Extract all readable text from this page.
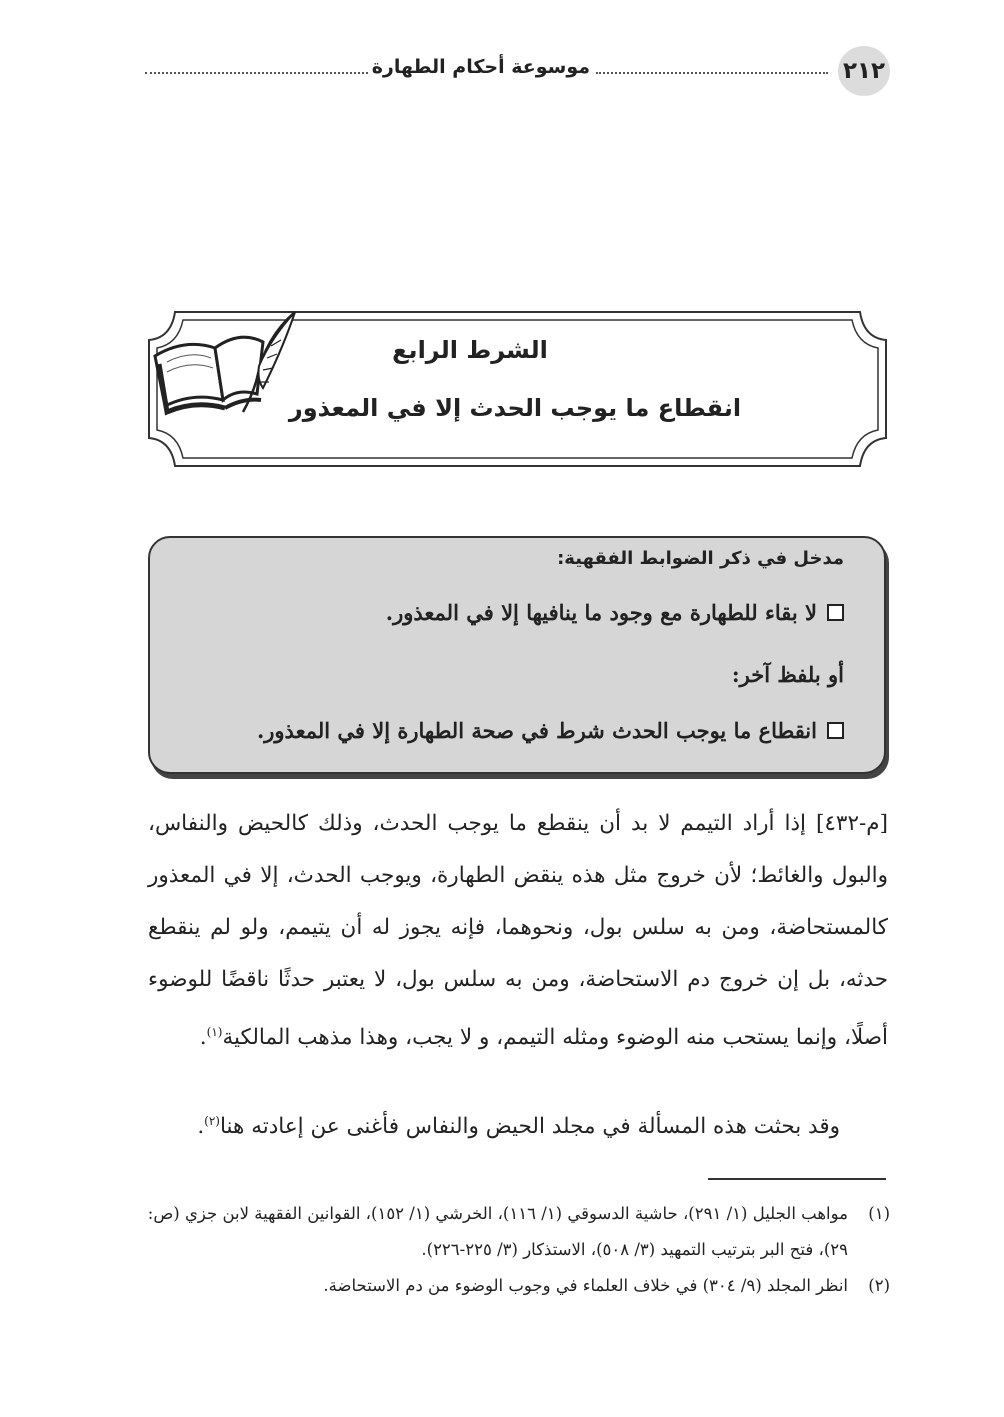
٢١٢
موسوعة أحكام الطهارة
الشرط الرابع
انقطاع ما يوجب الحدث إلا في المعذور
مدخل في ذكر الضوابط الفقهية:
لا بقاء للطهارة مع وجود ما ينافيها إلا في المعذور.
أو بلفظ آخر:
انقطاع ما يوجب الحدث شرط في صحة الطهارة إلا في المعذور.

[م-٤٣٢] إذا أراد التيمم لا بد أن ينقطع ما يوجب الحدث، وذلك كالحيض والنفاس، والبول والغائط؛ لأن خروج مثل هذه ينقض الطهارة، ويوجب الحدث، إلا في المعذور كالمستحاضة، ومن به سلس بول، ونحوهما، فإنه يجوز له أن يتيمم، ولو لم ينقطع حدثه، بل إن خروج دم الاستحاضة، ومن به سلس بول، لا يعتبر حدثًا ناقضًا للوضوء أصلًا، وإنما يستحب منه الوضوء ومثله التيمم، و لا يجب، وهذا مذهب المالكية$^{(١)}$.

وقد بحثت هذه المسألة في مجلد الحيض والنفاس فأغنى عن إعادته هنا$^{(٢)}$.
(١)
مواهب الجليل (١/ ٢٩١)، حاشية الدسوقي (١/ ١١٦)، الخرشي (١/ ١٥٢)، القوانين الفقهية لابن جزي (ص: ٢٩)، فتح البر بترتيب التمهيد (٣/ ٥٠٨)، الاستذكار (٣/ ٢٢٥-٢٢٦).
(٢)
انظر المجلد (٩/ ٣٠٤) في خلاف العلماء في وجوب الوضوء من دم الاستحاضة.
